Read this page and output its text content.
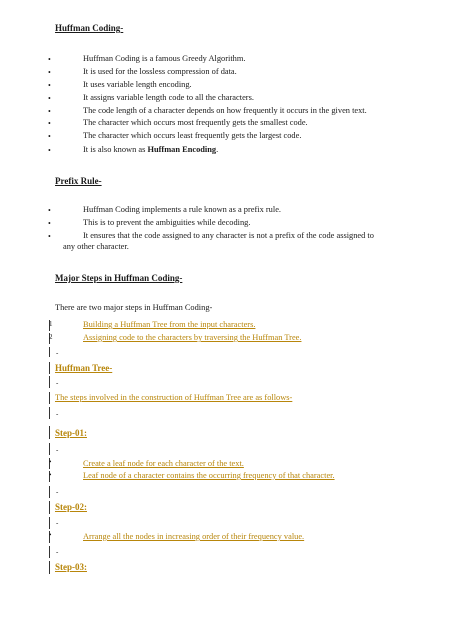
Huffman Coding-
•	Huffman Coding is a famous Greedy Algorithm.
•	It is used for the lossless compression of data.
•	It uses variable length encoding.
•	It assigns variable length code to all the characters.
•	The code length of a character depends on how frequently it occurs in the given text.
•	The character which occurs most frequently gets the smallest code.
•	The character which occurs least frequently gets the largest code.
•	It is also known as Huffman Encoding.
Prefix Rule-
•	Huffman Coding implements a rule known as a prefix rule.
•	This is to prevent the ambiguities while decoding.
•	It ensures that the code assigned to any character is not a prefix of the code assigned to
any other character.
Major Steps in Huffman Coding-
There are two major steps in Huffman Coding-
1	Building a Huffman Tree from the input characters.
2	Assigning code to the characters by traversing the Huffman Tree.
-
Huffman Tree-
-
The steps involved in the construction of Huffman Tree are as follows-
-
Step-01:
-
•	Create a leaf node for each character of the text.
•	Leaf node of a character contains the occurring frequency of that character.
-
Step-02:
-
•	Arrange all the nodes in increasing order of their frequency value.
-
Step-03:
